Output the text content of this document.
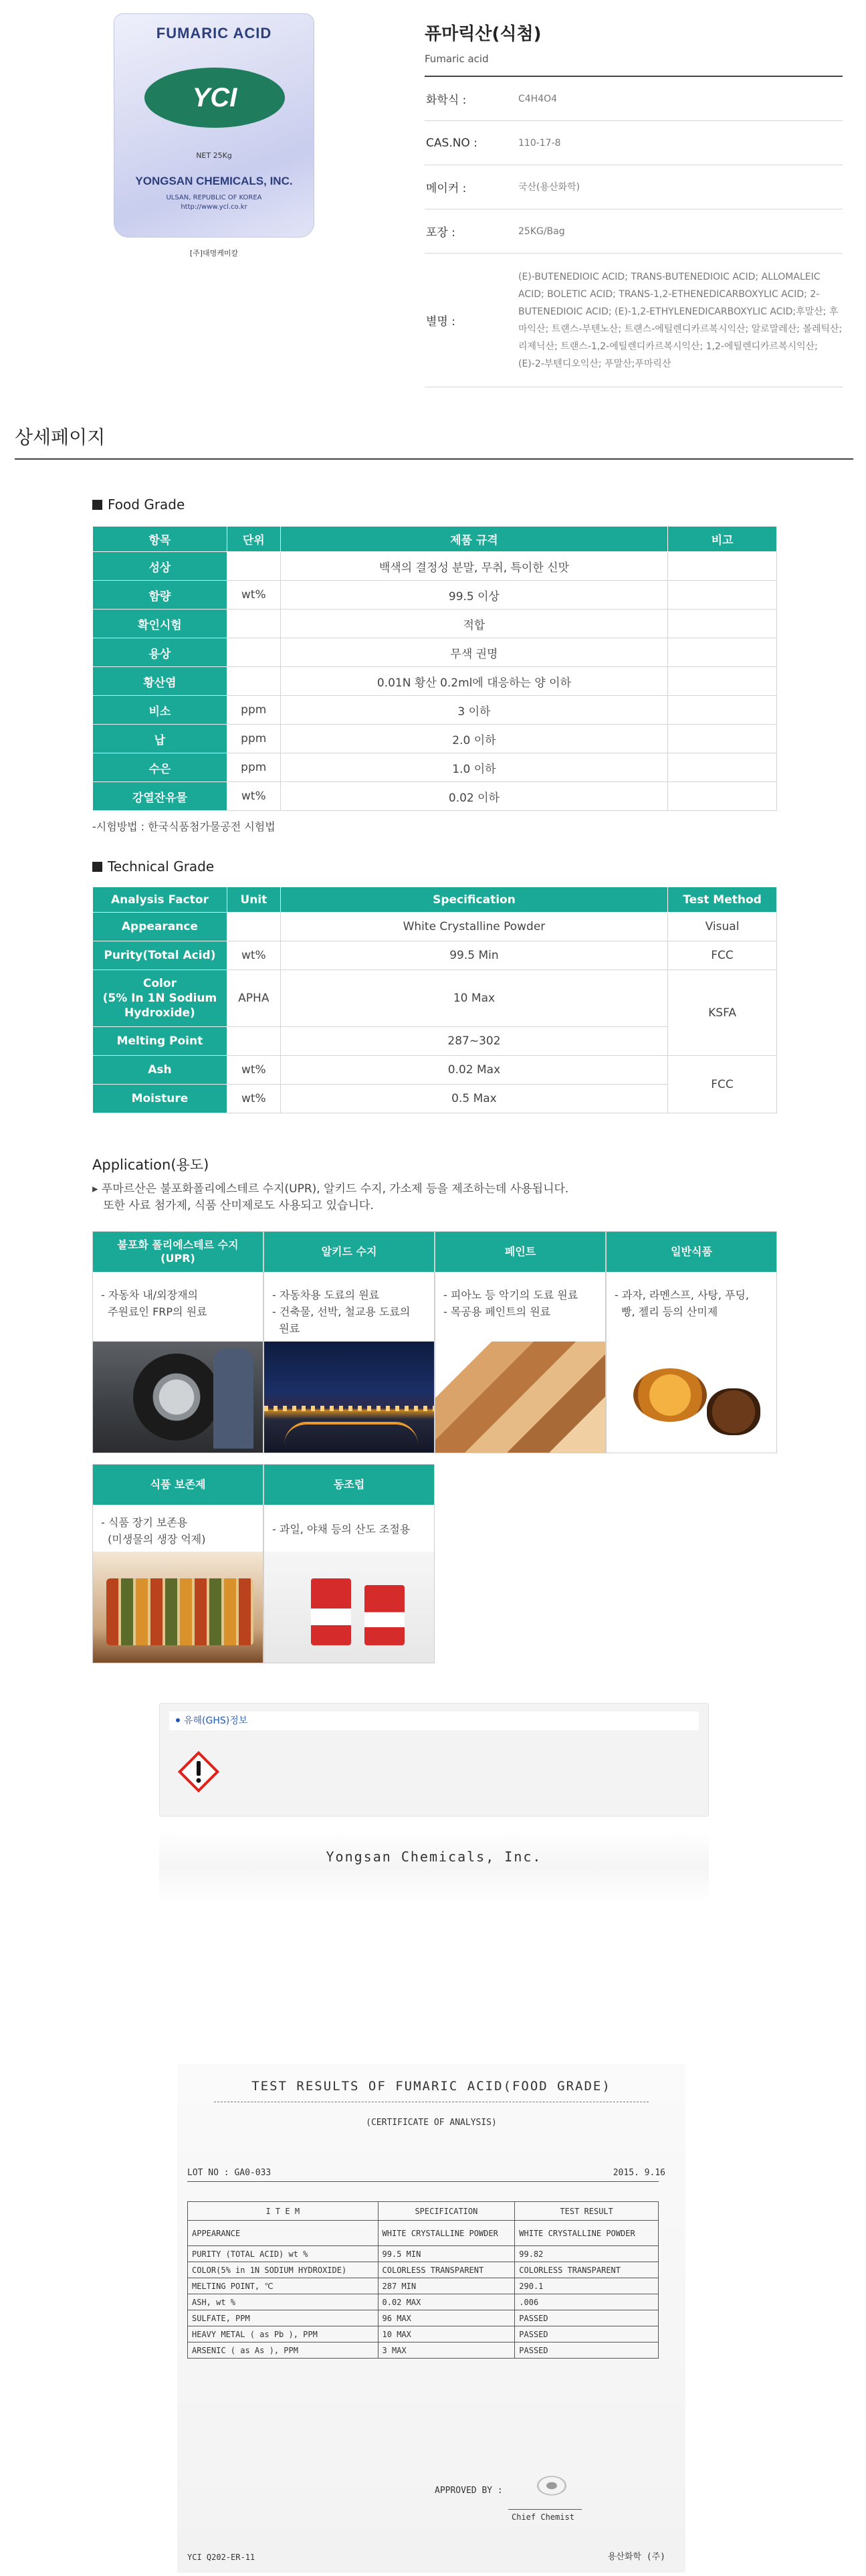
FUMARIC ACID
YCI
NET 25Kg
YONGSAN CHEMICALS, INC.
ULSAN, REPUBLIC OF KOREA
http://www.ycl.co.kr
[주]대명케미칼
퓨마릭산(식첨)
Fumaric acid
화학식 :	C4H4O4
CAS.NO :	110-17-8
메이커 :	국산(용산화학)
포장 :	25KG/Bag
별명 :
(E)-BUTENEDIOIC ACID; TRANS-BUTENEDIOIC ACID; ALLOMALEIC ACID; BOLETIC ACID; TRANS-1,2-ETHENEDICARBOXYLIC ACID; 2-BUTENEDIOIC ACID; (E)-1,2-ETHYLENEDICARBOXYLIC ACID;후말산; 후마익산; 트랜스-부텐노산; 트랜스-에틸렌디카르복시익산; 알로말레산; 볼레틱산; 리제닉산; 트랜스-1,2-에틸렌디카르복시익산; 1,2-에틸렌디카르복시익산; (E)-2-부텐디오익산; 푸말산;푸마릭산
상세페이지
Food Grade
항목	단위	제품 규격	비고
성상		백색의 결정성 분말, 무취, 특이한 신맛	
함량	wt%	99.5 이상	
확인시험		적합	
용상		무색 권명	
황산염		0.01N 황산 0.2ml에 대응하는 양 이하	
비소	ppm	3 이하	
납	ppm	2.0 이하	
수은	ppm	1.0 이하	
강열잔유물	wt%	0.02 이하	
-시험방법 : 한국식품첨가물공전 시험법
Technical Grade
Analysis Factor	Unit	Specification	Test Method
Appearance		White Crystalline Powder	Visual
Purity(Total Acid)	wt%	99.5 Min	FCC
Color
(5% In 1N Sodium Hydroxide)	APHA	10 Max	KSFA
Melting Point		287~302	
Ash	wt%	0.02 Max	FCC
Moisture	wt%	0.5 Max	
Application(용도)
▸ 푸마르산은 불포화폴리에스테르 수지(UPR), 알키드 수지, 가소제 등을 제조하는데 사용됩니다.
또한 사료 첨가제, 식품 산미제로도 사용되고 있습니다.
불포화 폴리에스테르 수지
(UPR)
- 자동차 내/외장재의
주원료인 FRP의 원료
알키드 수지
- 자동차용 도료의 원료
- 건축물, 선박, 철교용 도료의
원료
페인트
- 피아노 등 악기의 도료 원료
- 목공용 페인트의 원료
일반식품
- 과자, 라멘스프, 사탕, 푸딩,
빵, 젤리 등의 산미제
식품 보존제
- 식품 장기 보존용
(미생물의 생장 억제)
동조럽
- 과일, 야채 등의 산도 조절용
유해(GHS)정보
Yongsan Chemicals, Inc.
TEST RESULTS OF FUMARIC ACID(FOOD GRADE)
(CERTIFICATE OF ANALYSIS)
LOT NO : GA0-033	2015. 9.16
I T E M	SPECIFICATION	TEST RESULT
APPEARANCE	WHITE CRYSTALLINE POWDER	WHITE CRYSTALLINE POWDER
PURITY (TOTAL ACID) wt %	99.5 MIN	99.82
COLOR(5% in 1N SODIUM HYDROXIDE)	COLORLESS TRANSPARENT	COLORLESS TRANSPARENT
MELTING POINT, ℃	287 MIN	290.1
ASH, wt %	0.02 MAX	.006
SULFATE, PPM	96 MAX	PASSED
HEAVY METAL ( as Pb ), PPM	10 MAX	PASSED
ARSENIC ( as As ), PPM	3 MAX	PASSED
APPROVED BY :
Chief Chemist
YCI Q202-ER-11	용산화학 (주)
